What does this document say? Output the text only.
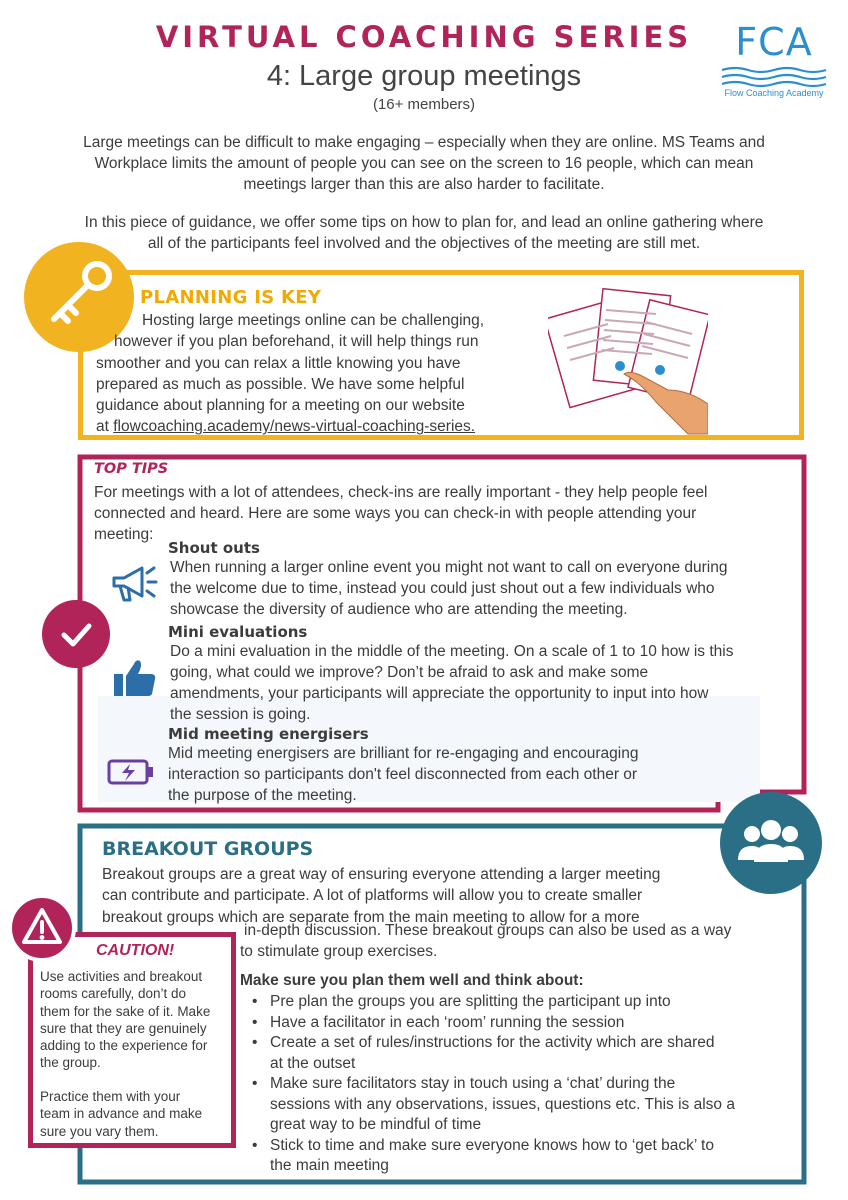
VIRTUAL COACHING SERIES
4: Large group meetings
(16+ members)
FCA
Flow Coaching Academy

Large meetings can be difficult to make engaging – especially when they are online. MS Teams and

Workplace limits the amount of people you can see on the screen to 16 people, which can mean

meetings larger than this are also harder to facilitate.

In this piece of guidance, we offer some tips on how to plan for, and lead an online gathering where

all of the participants feel involved and the objectives of the meeting are still met.

PLANNING IS KEY
Hosting large meetings online can be challenging,
however if you plan beforehand, it will help things run
smoother and you can relax a little knowing you have
prepared as much as possible. We have some helpful
guidance about planning for a meeting on our website
at flowcoaching.academy/news-virtual-coaching-series.
TOP TIPS
For meetings with a lot of attendees, check-ins are really important - they help people feel
connected and heard. Here are some ways you can check-in with people attending your
meeting:
Shout outs
When running a larger online event you might not want to call on everyone during
the welcome due to time, instead you could just shout out a few individuals who
showcase the diversity of audience who are attending the meeting.
Mini evaluations
Do a mini evaluation in the middle of the meeting. On a scale of 1 to 10 how is this
going, what could we improve? Don’t be afraid to ask and make some
amendments, your participants will appreciate the opportunity to input into how
the session is going.
Mid meeting energisers
Mid meeting energisers are brilliant for re-engaging and encouraging
interaction so participants don't feel disconnected from each other or
the purpose of the meeting.
BREAKOUT GROUPS
Breakout groups are a great way of ensuring everyone attending a larger meeting
can contribute and participate. A lot of platforms will allow you to create smaller
breakout groups which are separate from the main meeting to allow for a more
in-depth discussion. These breakout groups can also be used as a way
to stimulate group exercises.
Make sure you plan them well and think about:
• Pre plan the groups you are splitting the participant up into
• Have a facilitator in each ‘room’ running the session
• Create a set of rules/instructions for the activity which are shared
at the outset
• Make sure facilitators stay in touch using a ‘chat’ during the
sessions with any observations, issues, questions etc. This is also a
great way to be mindful of time
• Stick to time and make sure everyone knows how to ‘get back’ to
the main meeting
CAUTION!
Use activities and breakout
rooms carefully, don’t do
them for the sake of it. Make
sure that they are genuinely
adding to the experience for
the group.
Practice them with your
team in advance and make
sure you vary them.
